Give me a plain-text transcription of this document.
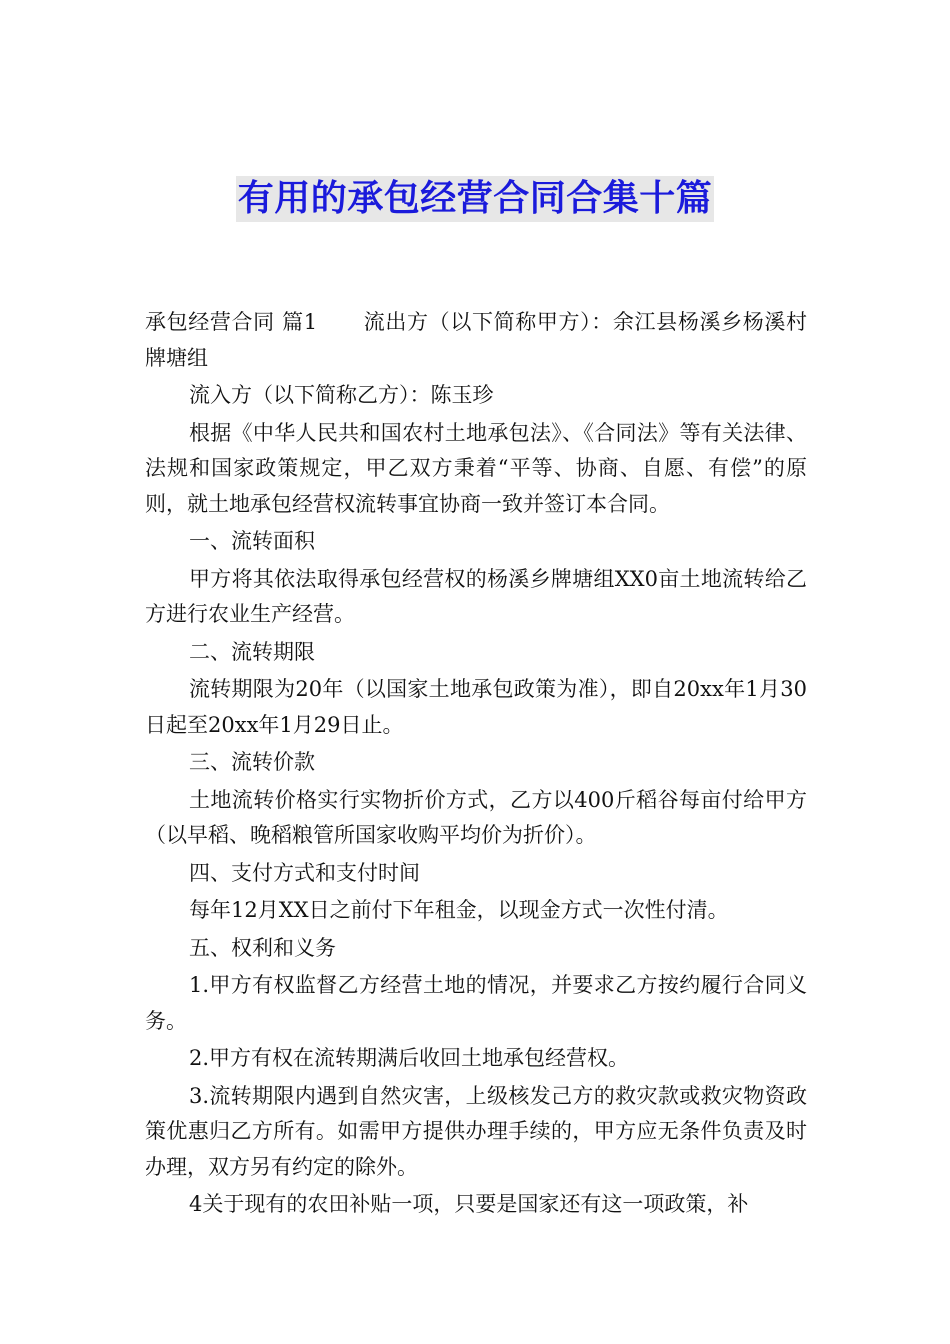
有用的承包经营合同合集十篇

承包经营合同 篇1 流出方（以下简称甲方）：余江县杨溪乡杨溪村牌塘组

流入方（以下简称乙方）：陈玉珍

根据《中华人民共和国农村土地承包法》、《合同法》等有关法律、法规和国家政策规定，甲乙双方秉着“平等、协商、自愿、有偿”的原则，就土地承包经营权流转事宜协商一致并签订本合同。

一、流转面积

甲方将其依法取得承包经营权的杨溪乡牌塘组XX0亩土地流转给乙方进行农业生产经营。

二、流转期限

流转期限为20年（以国家土地承包政策为准），即自20xx年1月30日起至20xx年1月29日止。

三、流转价款

土地流转价格实行实物折价方式，乙方以400斤稻谷每亩付给甲方（以早稻、晚稻粮管所国家收购平均价为折价）。

四、支付方式和支付时间

每年12月XX日之前付下年租金，以现金方式一次性付清。

五、权利和义务

1.甲方有权监督乙方经营土地的情况，并要求乙方按约履行合同义务。

2.甲方有权在流转期满后收回土地承包经营权。

3.流转期限内遇到自然灾害，上级核发己方的救灾款或救灾物资政策优惠归乙方所有。如需甲方提供办理手续的，甲方应无条件负责及时办理，双方另有约定的除外。

4关于现有的农田补贴一项，只要是国家还有这一项政策，补
